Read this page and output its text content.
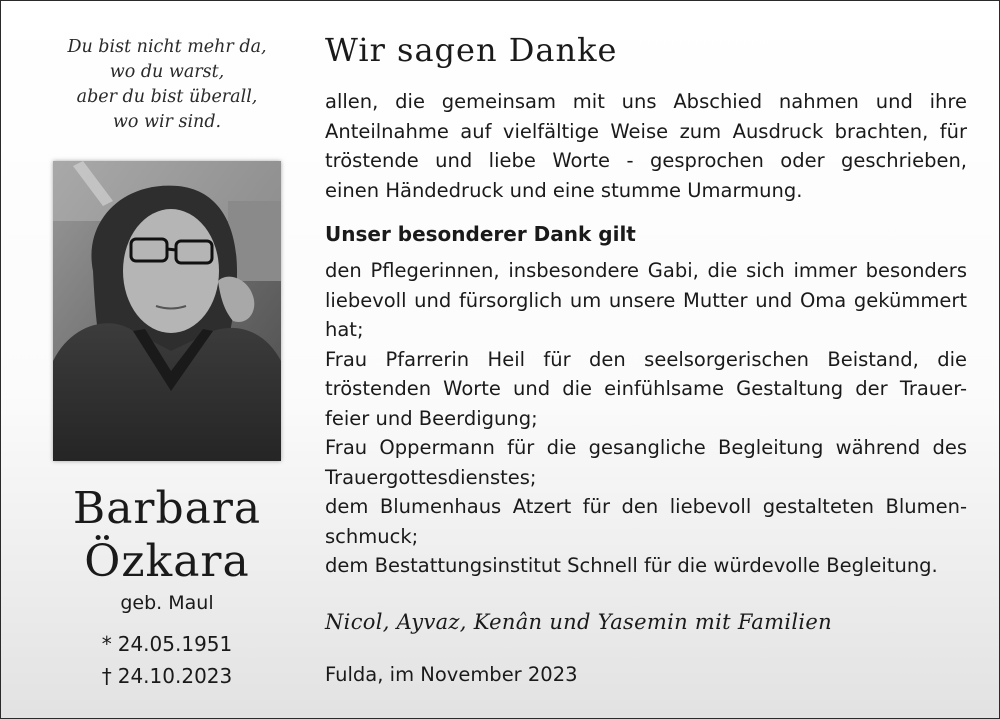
Du bist nicht mehr da,
wo du warst,
aber du bist überall,
wo wir sind.
Barbara
Özkara
geb. Maul
* 24.05.1951
† 24.10.2023
Wir sagen Danke
allen, die gemeinsam mit uns Abschied nahmen und ihre
Anteilnahme auf vielfältige Weise zum Ausdruck brachten, für
tröstende und liebe Worte - gesprochen oder geschrieben,
einen Händedruck und eine stumme Umarmung.
Unser besonderer Dank gilt
den Pflegerinnen, insbesondere Gabi, die sich immer besonders
liebevoll und fürsorglich um unsere Mutter und Oma gekümmert
hat;
Frau Pfarrerin Heil für den seelsorgerischen Beistand, die
tröstenden Worte und die einfühlsame Gestaltung der Trauer-
feier und Beerdigung;
Frau Oppermann für die gesangliche Begleitung während des
Trauergottesdienstes;
dem Blumenhaus Atzert für den liebevoll gestalteten Blumen-
schmuck;
dem Bestattungsinstitut Schnell für die würdevolle Begleitung.
Nicol, Ayvaz, Kenân und Yasemin mit Familien
Fulda, im November 2023
